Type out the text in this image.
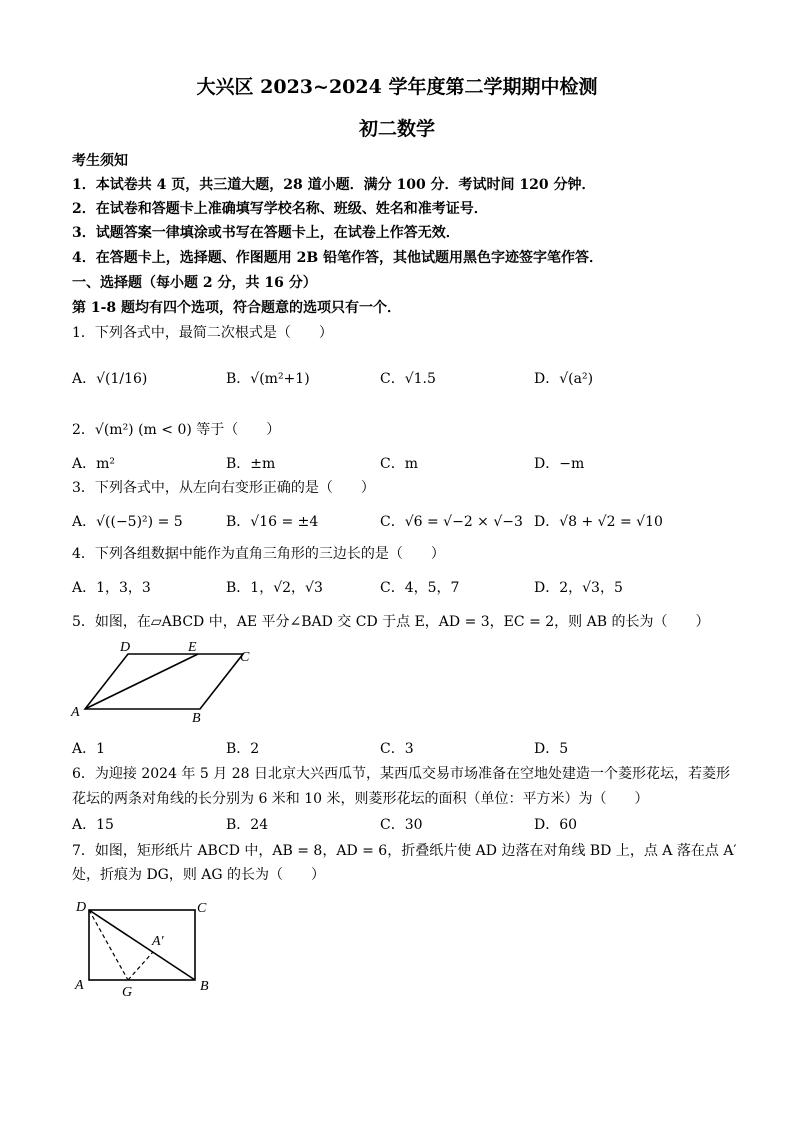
大兴区 2023~2024 学年度第二学期期中检测
初二数学
考生须知
1．本试卷共 4 页，共三道大题，28 道小题．满分 100 分．考试时间 120 分钟．
2．在试卷和答题卡上准确填写学校名称、班级、姓名和准考证号．
3．试题答案一律填涂或书写在答题卡上，在试卷上作答无效．
4．在答题卡上，选择题、作图题用 2B 铅笔作答，其他试题用黑色字迹签字笔作答．
一、选择题（每小题 2 分，共 16 分）
第 1-8 题均有四个选项，符合题意的选项只有一个．
1．下列各式中，最简二次根式是（　　）
A．√(1/16)	B．√(m²+1)	C．√1.5	D．√(a²)
2．√(m²) (m < 0) 等于（　　）
A．m²	B．±m	C．m	D．−m
3．下列各式中，从左向右变形正确的是（　　）
A．√((−5)²) = 5	B．√16 = ±4	C．√6 = √−2 × √−3 D．√8 + √2 = √10
4．下列各组数据中能作为直角三角形的三边长的是（　　）
A．1，3，3	B．1，√2，√3	C．4，5，7	D．2，√3，5
5．如图，在▱ABCD 中，AE 平分∠BAD 交 CD 于点 E，AD = 3，EC = 2，则 AB 的长为（　　）
D	E
C
A	B
A．1	B．2	C．3	D．5
6．为迎接 2024 年 5 月 28 日北京大兴西瓜节，某西瓜交易市场准备在空地处建造一个菱形花坛，若菱形
花坛的两条对角线的长分别为 6 米和 10 米，则菱形花坛的面积（单位：平方米）为（　　）
A．15	B．24	C．30	D．60
7．如图，矩形纸片 ABCD 中，AB = 8，AD = 6，折叠纸片使 AD 边落在对角线 BD 上，点 A 落在点 A′
处，折痕为 DG，则 AG 的长为（　　）
D	C
A′
A	G	B
